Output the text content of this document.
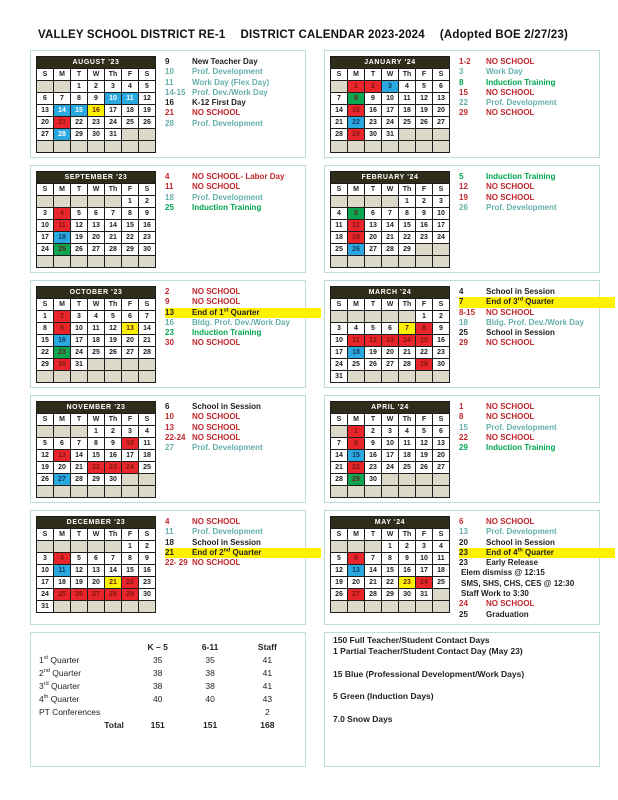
VALLEY SCHOOL DISTRICT RE-1 DISTRICT CALENDAR 2023-2024 (Adopted BOE 2/27/23)
AUGUST '23						
S	M	T	W	Th	F	S
		1	2	3	4	5
6	7	8	9	10	11	12
13	14	15	16	17	18	19
20	21	22	23	24	25	26
27	28	29	30	31		

9	New Teacher Day
10	Prof. Development
11	Work Day (Flex Day)
14-15 Prof. Dev./Work Day
16	K-12 First Day
21	NO SCHOOL
28	Prof. Development
JANUARY '24						
S	M	T	W	Th	F	S
	1	2	3	4	5	6
7	8	9	10	11	12	13
14	15	16	17	18	19	20
21	22	23	24	25	26	27
28	29	30	31			

1-2	NO SCHOOL
3	Work Day
8	Induction Training
15	NO SCHOOL
22	Prof. Development
29	NO SCHOOL
SEPTEMBER '23						
S	M	T	W	Th	F	S
					1	2
3	4	5	6	7	8	9
10	11	12	13	14	15	16
17	18	19	20	21	22	23
24	25	26	27	28	29	30

4	NO SCHOOL- Labor Day
11	NO SCHOOL
18	Prof. Development
25	Induction Training
FEBRUARY '24						
S	M	T	W	Th	F	S
				1	2	3
4	5	6	7	8	9	10
11	12	13	14	15	16	17
18	19	20	21	22	23	24
25	26	27	28	29		

5	Induction Training
12	NO SCHOOL
19	NO SCHOOL
26	Prof. Development
OCTOBER '23						
S	M	T	W	Th	F	S
1	2	3	4	5	6	7
8	9	10	11	12	13	14
15	16	17	18	19	20	21
22	23	24	25	26	27	28
29	30	31				

2	NO SCHOOL
9	NO SCHOOL
13	End of 1st Quarter
16	Bldg. Prof. Dev./Work Day
23	Induction Training
30	NO SCHOOL
MARCH '24						
S	M	T	W	Th	F	S
					1	2
3	4	5	6	7	8	9
10	11	12	13	14	15	16
17	18	19	20	21	22	23
24	25	26	27	28	29	30
31						
4	School in Session
7	End of 3rd Quarter
8-15	NO SCHOOL
18	Bldg. Prof. Dev./Work Day
25	School in Session
29	NO SCHOOL
NOVEMBER '23						
S	M	T	W	Th	F	S
			1	2	3	4
5	6	7	8	9	10	11
12	13	14	15	16	17	18
19	20	21	22	23	24	25
26	27	28	29	30		

6	School in Session
10	NO SCHOOL
13	NO SCHOOL
22-24 NO SCHOOL
27	Prof. Development
APRIL '24						
S	M	T	W	Th	F	S
	1	2	3	4	5	6
7	8	9	10	11	12	13
14	15	16	17	18	19	20
21	22	23	24	25	26	27
28	29	30				

1	NO SCHOOL
8	NO SCHOOL
15	Prof. Development
22	NO SCHOOL
29	Induction Training
DECEMBER '23						
S	M	T	W	Th	F	S
					1	2
3	4	5	6	7	8	9
10	11	12	13	14	15	16
17	18	19	20	21	22	23
24	25	26	27	28	29	30
31						
4	NO SCHOOL
11	Prof. Development
18	School in Session
21	End of 2nd Quarter
22- 29 NO SCHOOL
MAY '24						
S	M	T	W	Th	F	S
			1	2	3	4
5	6	7	8	9	10	11
12	13	14	15	16	17	18
19	20	21	22	23	24	25
26	27	28	29	30	31	

6	NO SCHOOL
13	Prof. Development
20	School in Session
23	End of 4th Quarter
23	Early Release
Elem dismiss @ 12:15
SMS, SHS, CHS, CES @ 12:30
Staff Work to 3:30
24	NO SCHOOL
25	Graduation
	K – 5	6-11	Staff
1st Quarter	35	35	41
2nd Quarter	38	38	41
3rd Quarter	38	38	41
4th Quarter	40	40	43
PT Conferences			2
Total	151	151	168
150 Full Teacher/Student Contact Days
1 Partial Teacher/Student Contact Day (May 23)
15 Blue (Professional Development/Work Days)
5 Green (Induction Days)
7.0 Snow Days
